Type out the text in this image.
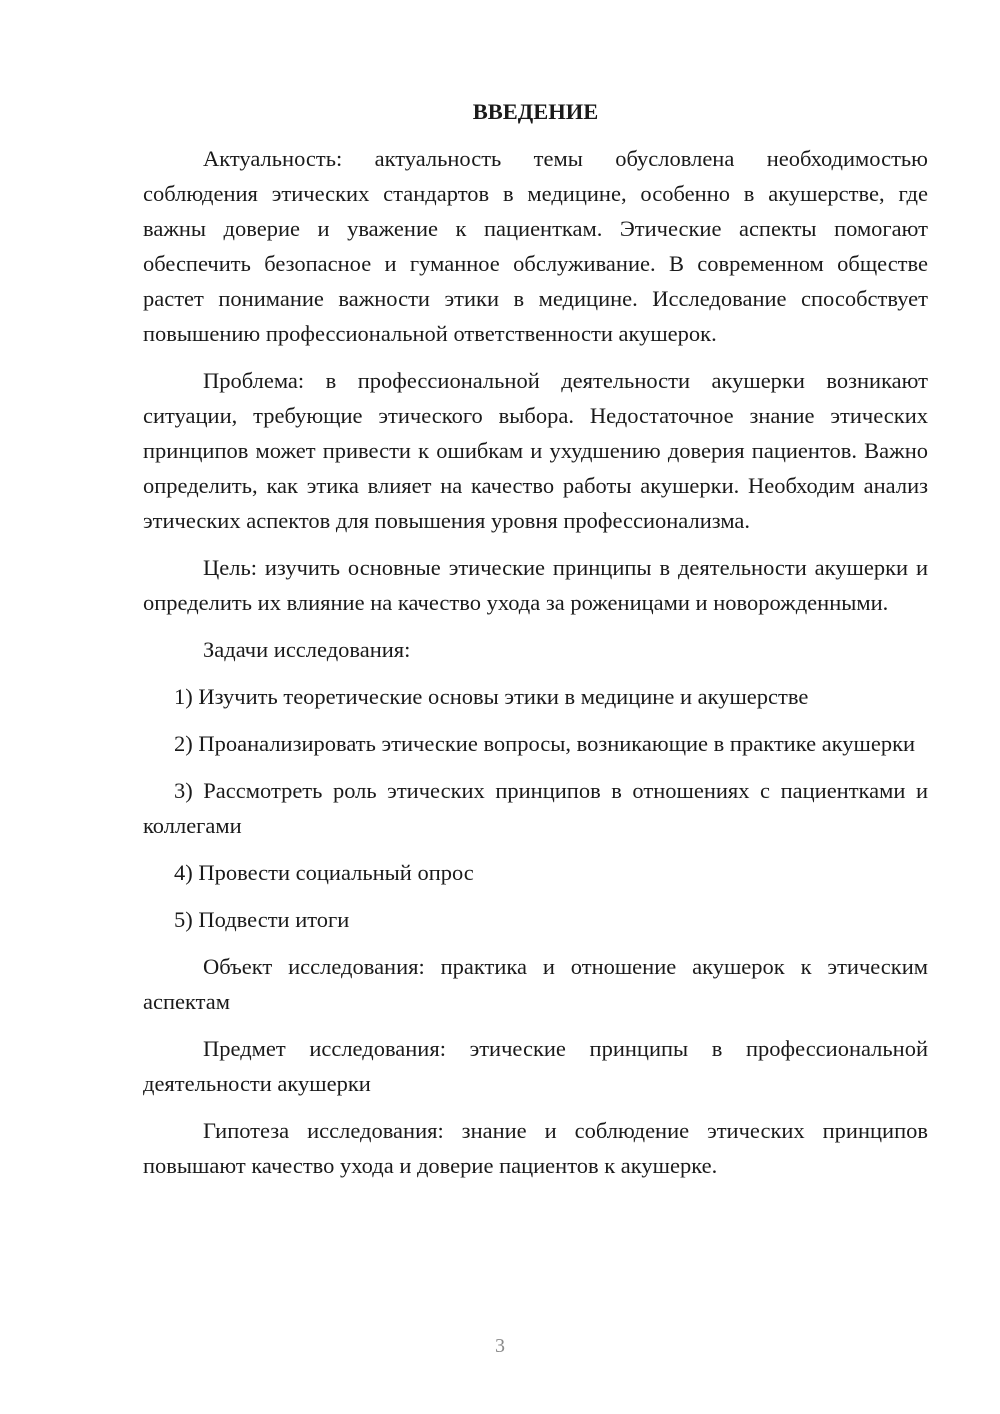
ВВЕДЕНИЕ

Актуальность: актуальность темы обусловлена необходимостью соблюдения этических стандартов в медицине, особенно в акушерстве, где важны доверие и уважение к пациенткам. Этические аспекты помогают обеспечить безопасное и гуманное обслуживание. В современном обществе растет понимание важности этики в медицине. Исследование способствует повышению профессиональной ответственности акушерок.

Проблема: в профессиональной деятельности акушерки возникают ситуации, требующие этического выбора. Недостаточное знание этических принципов может привести к ошибкам и ухудшению доверия пациентов. Важно определить, как этика влияет на качество работы акушерки. Необходим анализ этических аспектов для повышения уровня профессионализма.

Цель: изучить основные этические принципы в деятельности акушерки и определить их влияние на качество ухода за роженицами и новорожденными.

Задачи исследования:

1) Изучить теоретические основы этики в медицине и акушерстве

2) Проанализировать этические вопросы, возникающие в практике акушерки

3) Рассмотреть роль этических принципов в отношениях с пациентками и коллегами

4) Провести социальный опрос

5) Подвести итоги

Объект исследования: практика и отношение акушерок к этическим аспектам

Предмет исследования: этические принципы в профессиональной деятельности акушерки

Гипотеза исследования: знание и соблюдение этических принципов повышают качество ухода и доверие пациентов к акушерке.

3
